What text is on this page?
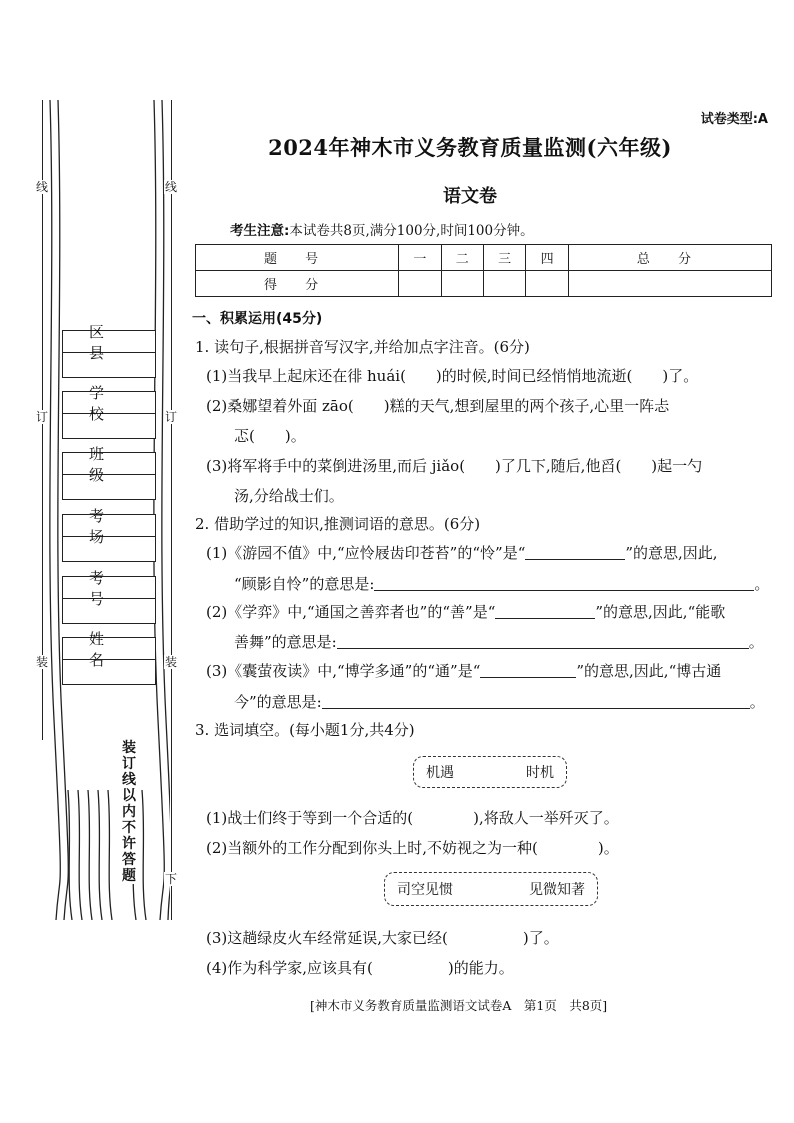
线
订
装
线
订
装
下
区 县
学 校
班 级
考 场
考 号
姓 名
装订线以内不许答题
试卷类型:A
2024年神木市义务教育质量监测(六年级)
语文卷
考生注意:本试卷共8页,满分100分,时间100分钟。
题 号	一	二	三	四	总 分
得 分					
一、积累运用(45分)
1. 读句子,根据拼音写汉字,并给加点字注音。(6分)
(1)当我早上起床还在徘 huái(　　)的时候,时间已经悄悄地流逝(　　)了。
(2)桑娜望着外面 zāo(　　)糕的天气,想到屋里的两个孩子,心里一阵忐
忑(　　)。
(3)将军将手中的菜倒进汤里,而后 jiǎo(　　)了几下,随后,他舀(　　)起一勺
汤,分给战士们。
2. 借助学过的知识,推测词语的意思。(6分)
(1)《游园不值》中,“应怜屐齿印苍苔”的“怜”是“	”的意思,因此,
“顾影自怜”的意思是:	。
(2)《学弈》中,“通国之善弈者也”的“善”是“	”的意思,因此,“能歌
善舞”的意思是:	。
(3)《囊萤夜读》中,“博学多通”的“通”是“	”的意思,因此,“博古通
今”的意思是:	。
3. 选词填空。(每小题1分,共4分)
机遇	时机
(1)战士们终于等到一个合适的(　　　　),将敌人一举歼灭了。
(2)当额外的工作分配到你头上时,不妨视之为一种(　　　　)。
司空见惯	见微知著
(3)这趟绿皮火车经常延误,大家已经(　　　　　)了。
(4)作为科学家,应该具有(　　　　　)的能力。
[神木市义务教育质量监测语文试卷A　第1页　共8页]
